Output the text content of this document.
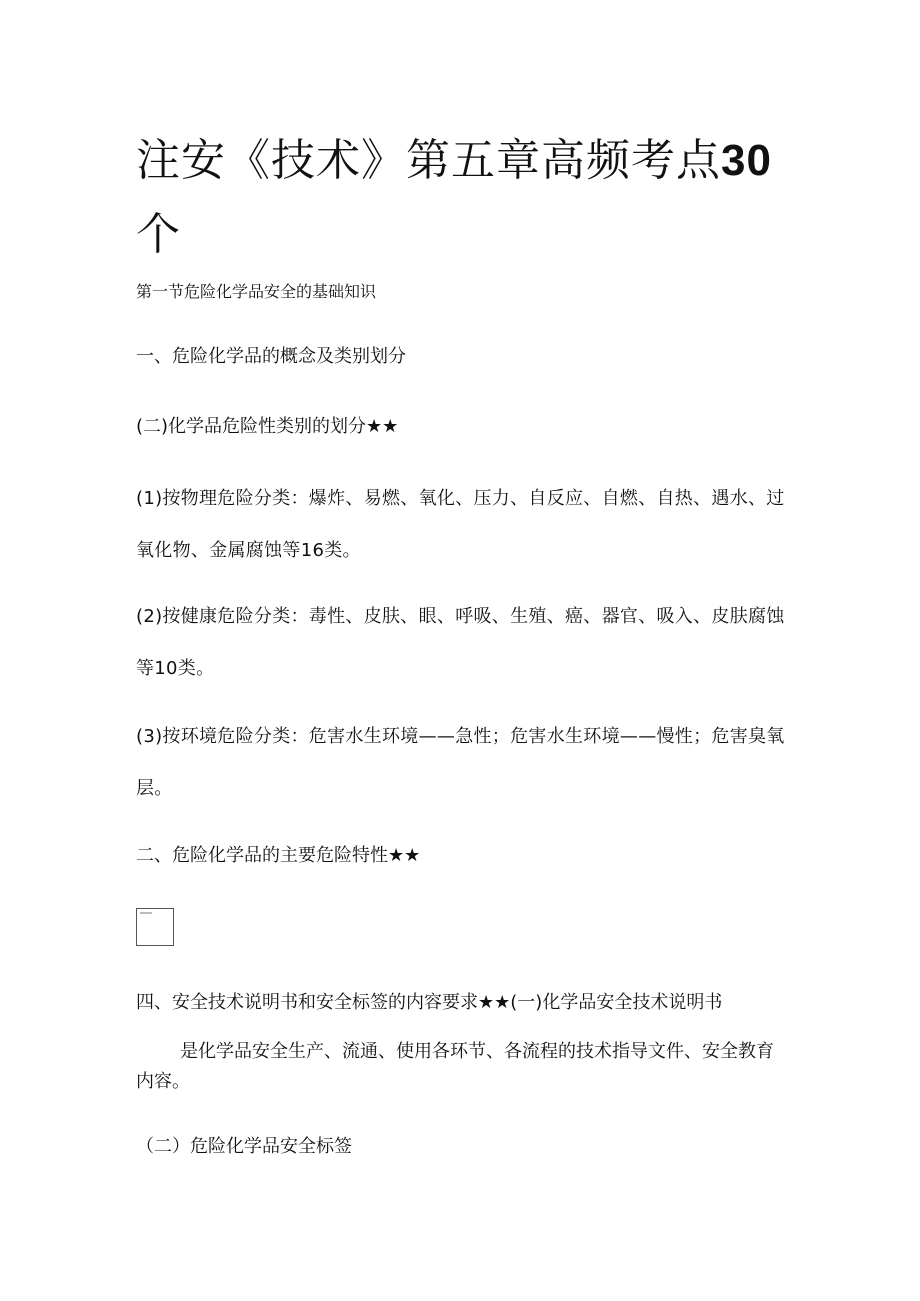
注安《技术》第五章高频考点30
个

第一节危险化学品安全的基础知识

一、危险化学品的概念及类别划分

(二)化学品危险性类别的划分★★

(1)按物理危险分类：爆炸、易燃、氧化、压力、自反应、自燃、自热、遇水、过氧化物、金属腐蚀等16类。

(2)按健康危险分类：毒性、皮肤、眼、呼吸、生殖、癌、器官、吸入、皮肤腐蚀等10类。

(3)按环境危险分类：危害水生环境——急性；危害水生环境——慢性；危害臭氧层。

二、危险化学品的主要危险特性★★

四、安全技术说明书和安全标签的内容要求★★(一)化学品安全技术说明书

是化学品安全生产、流通、使用各环节、各流程的技术指导文件、安全教育内容。

（二）危险化学品安全标签
